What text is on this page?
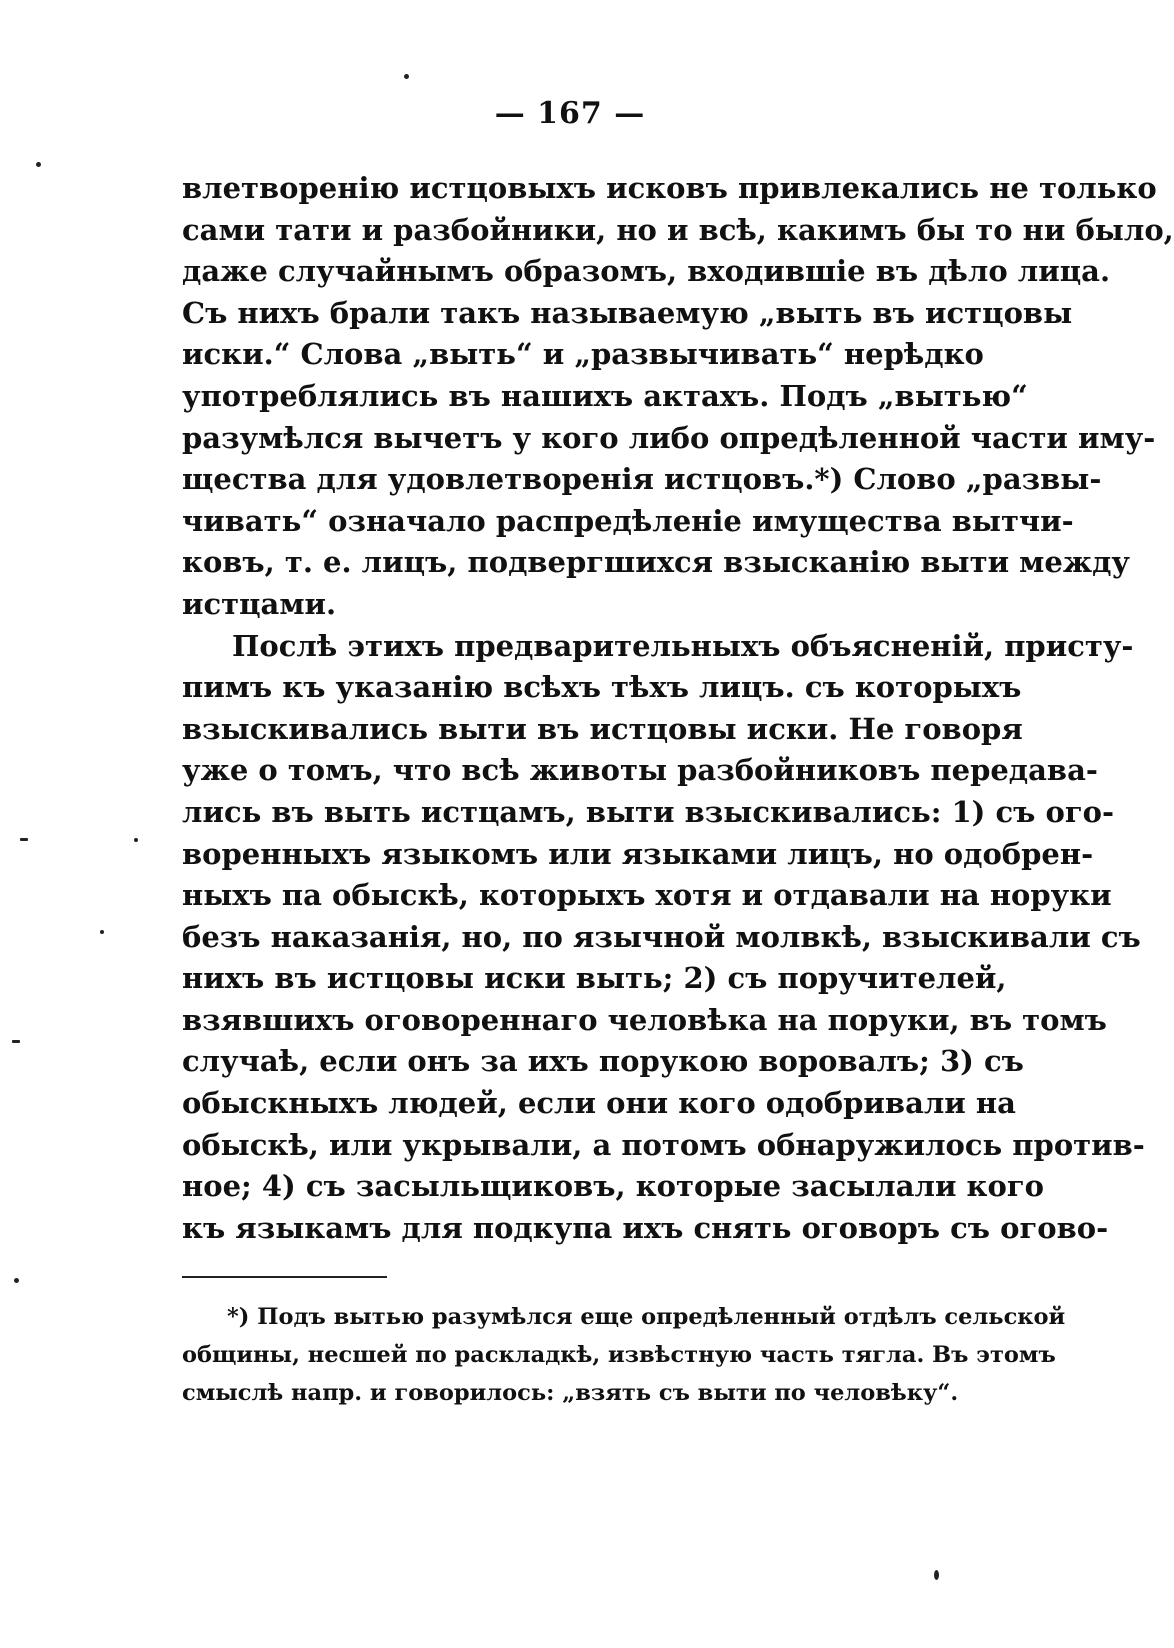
— 167 —
влетворенію истцовыхъ исковъ привлекались не только
сами тати и разбойники, но и всѣ, какимъ бы то ни было,
даже случайнымъ образомъ, входившіе въ дѣло лица.
Съ нихъ брали такъ называемую „выть въ истцовы
иски.“ Слова „выть“ и „развычивать“ нерѣдко
употреблялись въ нашихъ актахъ. Подъ „вытью“
разумѣлся вычетъ у кого либо опредѣленной части иму-
щества для удовлетворенія истцовъ.*) Слово „развы-
чивать“ означало распредѣленіе имущества вытчи-
ковъ, т. е. лицъ, подвергшихся взысканію выти между
истцами.
Послѣ этихъ предварительныхъ объясненій, присту-
пимъ къ указанію всѣхъ тѣхъ лицъ. съ которыхъ
взыскивались выти въ истцовы иски. Не говоря
уже о томъ, что всѣ животы разбойниковъ передава-
лись въ выть истцамъ, выти взыскивались: 1) съ ого-
воренныхъ языкомъ или языками лицъ, но одобрен-
ныхъ па обыскѣ, которыхъ хотя и отдавали на норуки
безъ наказанія, но, по язычной молвкѣ, взыскивали съ
нихъ въ истцовы иски выть; 2) съ поручителей,
взявшихъ оговореннаго человѣка на поруки, въ томъ
случаѣ, если онъ за ихъ порукою воровалъ; 3) съ
обыскныхъ людей, если они кого одобривали на
обыскѣ, или укрывали, а потомъ обнаружилось против-
ное; 4) съ засыльщиковъ, которые засылали кого
къ языкамъ для подкупа ихъ снять оговоръ съ огово-
*) Подъ вытью разумѣлся еще опредѣленный отдѣлъ сельской
общины, несшей по раскладкѣ, извѣстную часть тягла. Въ этомъ
смыслѣ напр. и говорилось: „взять съ выти по человѣку“.
